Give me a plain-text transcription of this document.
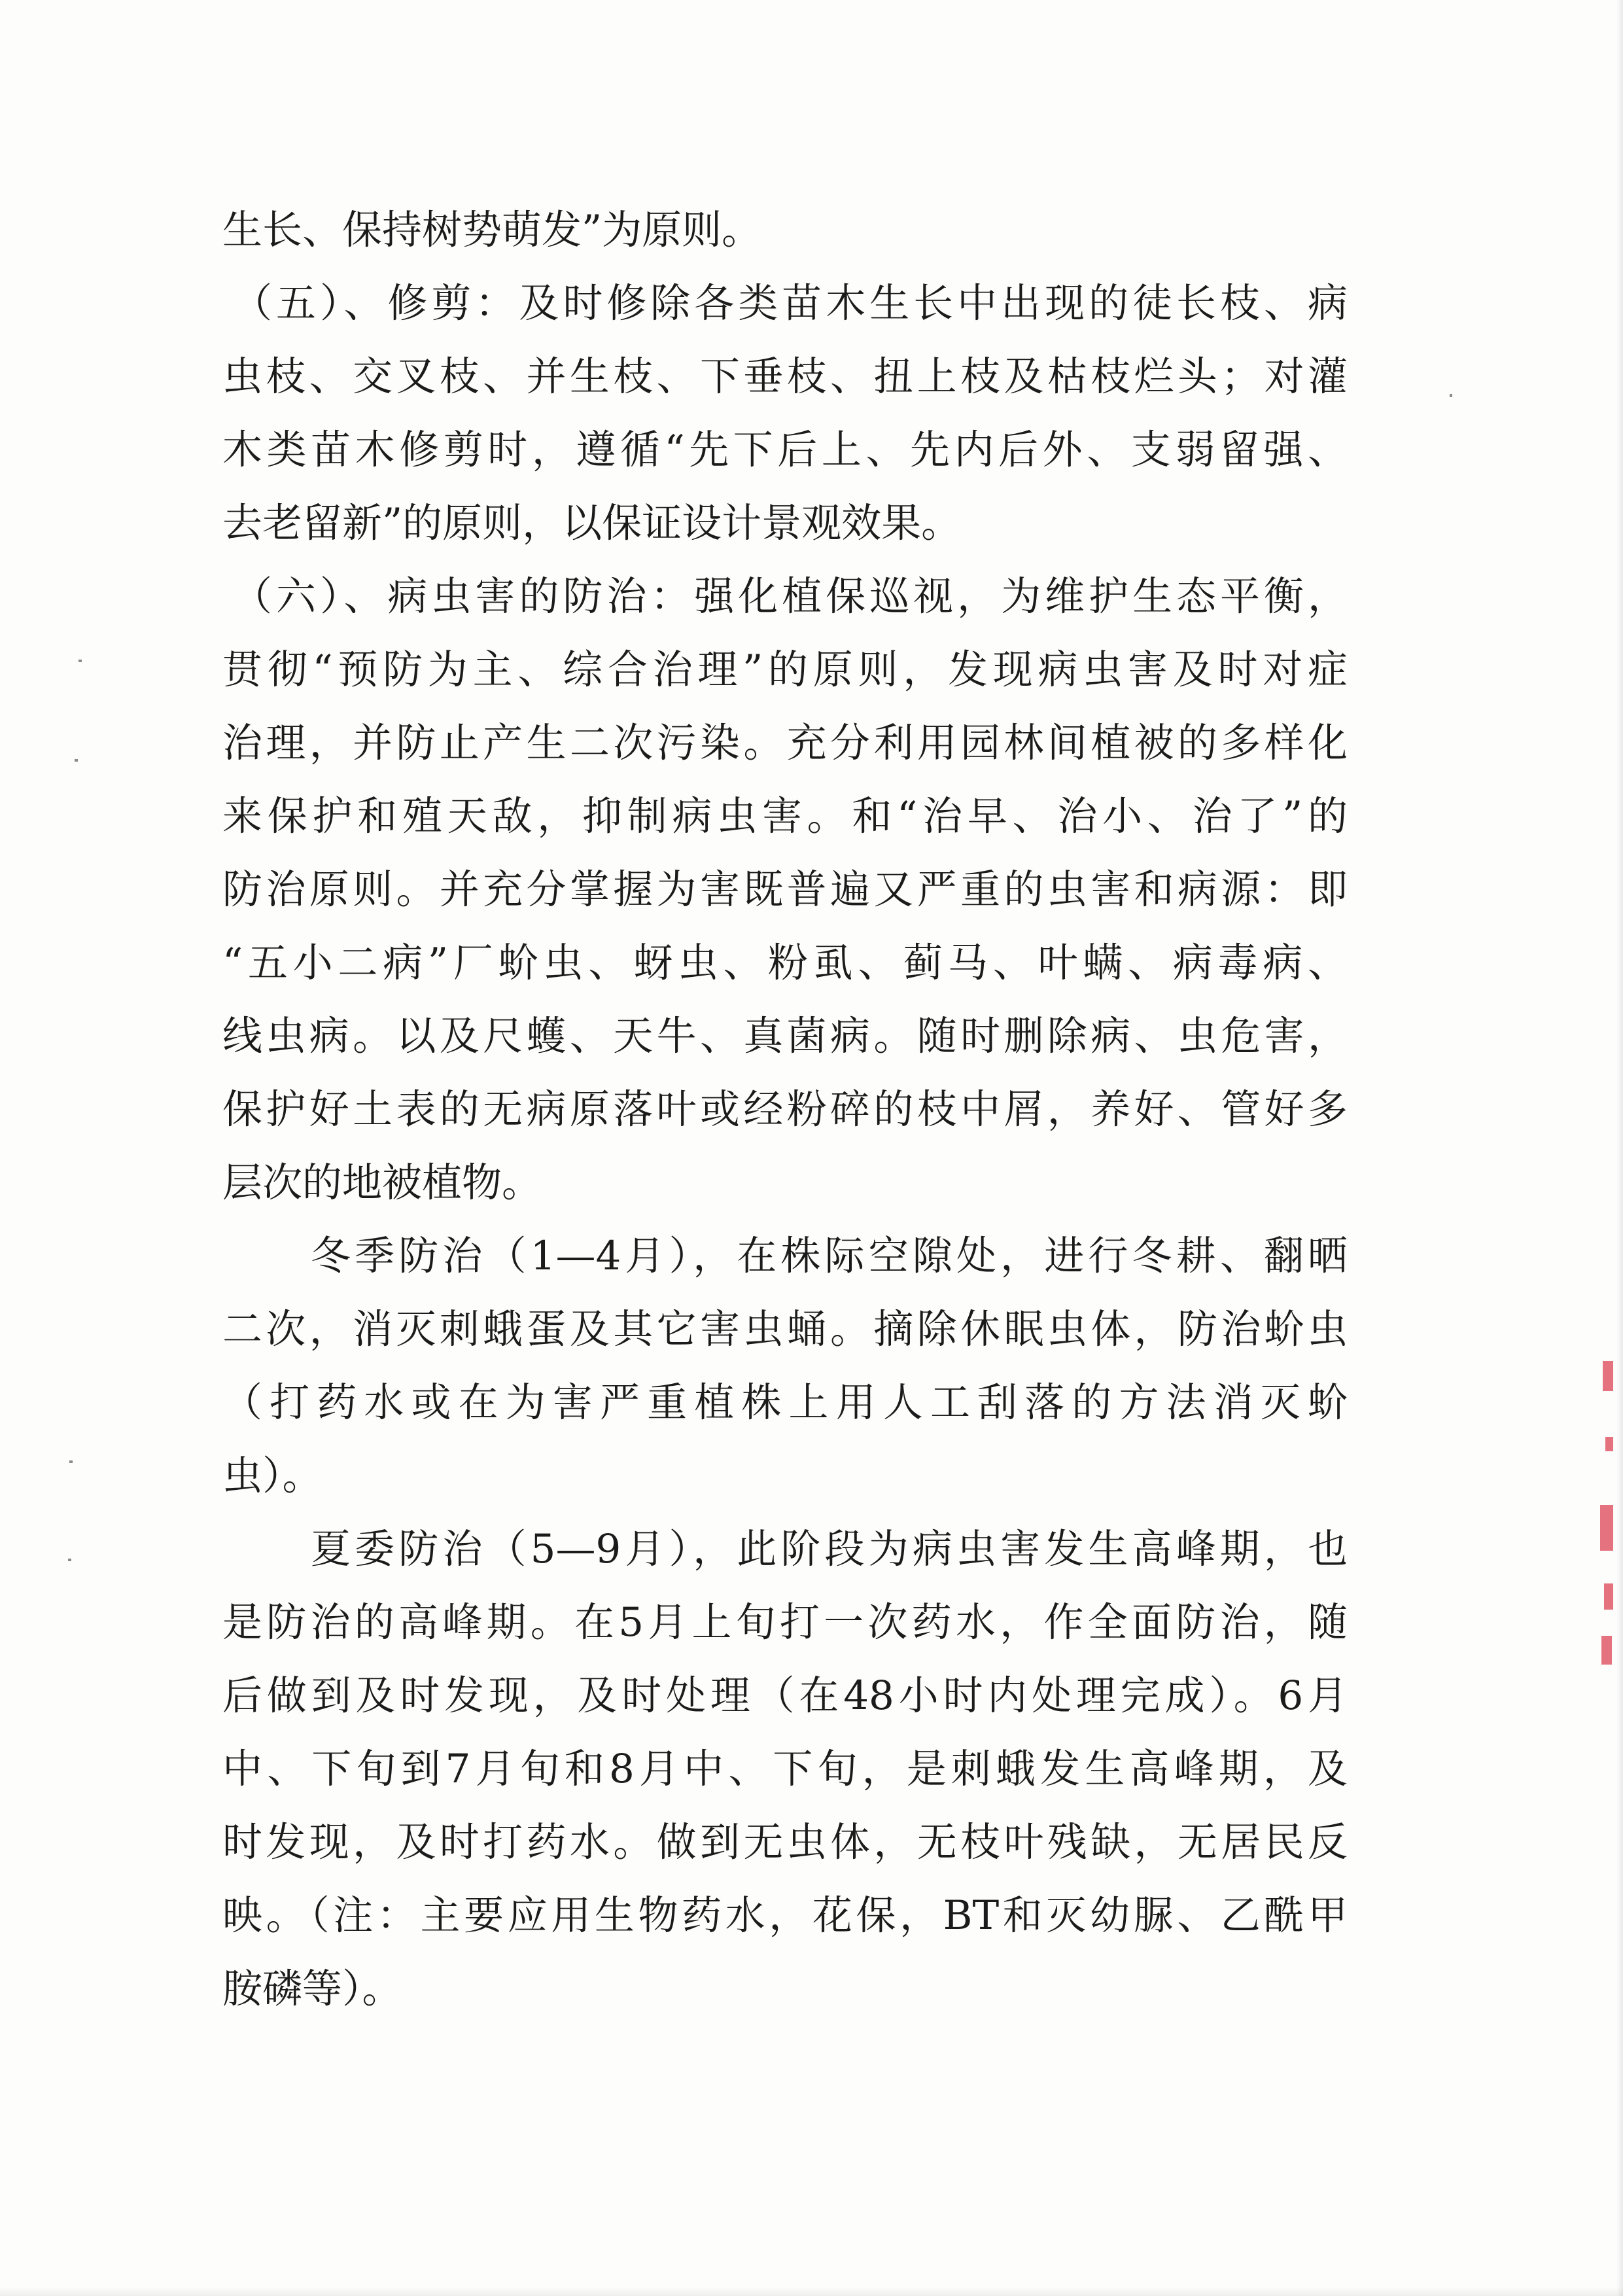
生长、保持树势萌发”为原则。

（五）、修剪：及时修除各类苗木生长中出现的徒长枝、病

虫枝、交叉枝、并生枝、下垂枝、扭上枝及枯枝烂头；对灌

木类苗木修剪时，遵循“先下后上、先内后外、支弱留强、

去老留新”的原则，以保证设计景观效果。

（六）、病虫害的防治：强化植保巡视，为维护生态平衡，

贯彻“预防为主、综合治理”的原则，发现病虫害及时对症

治理，并防止产生二次污染。充分利用园林间植被的多样化

来保护和殖天敌，抑制病虫害。和“治早、治小、治了”的

防治原则。并充分掌握为害既普遍又严重的虫害和病源：即

“五小二病”厂蚧虫、蚜虫、粉虱、蓟马、叶螨、病毒病、

线虫病。以及尺蠖、天牛、真菌病。随时删除病、虫危害，

保护好土表的无病原落叶或经粉碎的枝中屑，养好、管好多

层次的地被植物。

冬季防治（1—4月），在株际空隙处，进行冬耕、翻晒

二次，消灭刺蛾蛋及其它害虫蛹。摘除休眠虫体，防治蚧虫

（打药水或在为害严重植株上用人工刮落的方法消灭蚧

虫）。

夏委防治（5—9月），此阶段为病虫害发生高峰期，也

是防治的高峰期。在5月上旬打一次药水，作全面防治，随

后做到及时发现，及时处理（在48小时内处理完成）。6月

中、下旬到7月旬和8月中、下旬，是刺蛾发生高峰期，及

时发现，及时打药水。做到无虫体，无枝叶残缺，无居民反

映。（注：主要应用生物药水，花保，BT和灭幼脲、乙酰甲

胺磷等）。
